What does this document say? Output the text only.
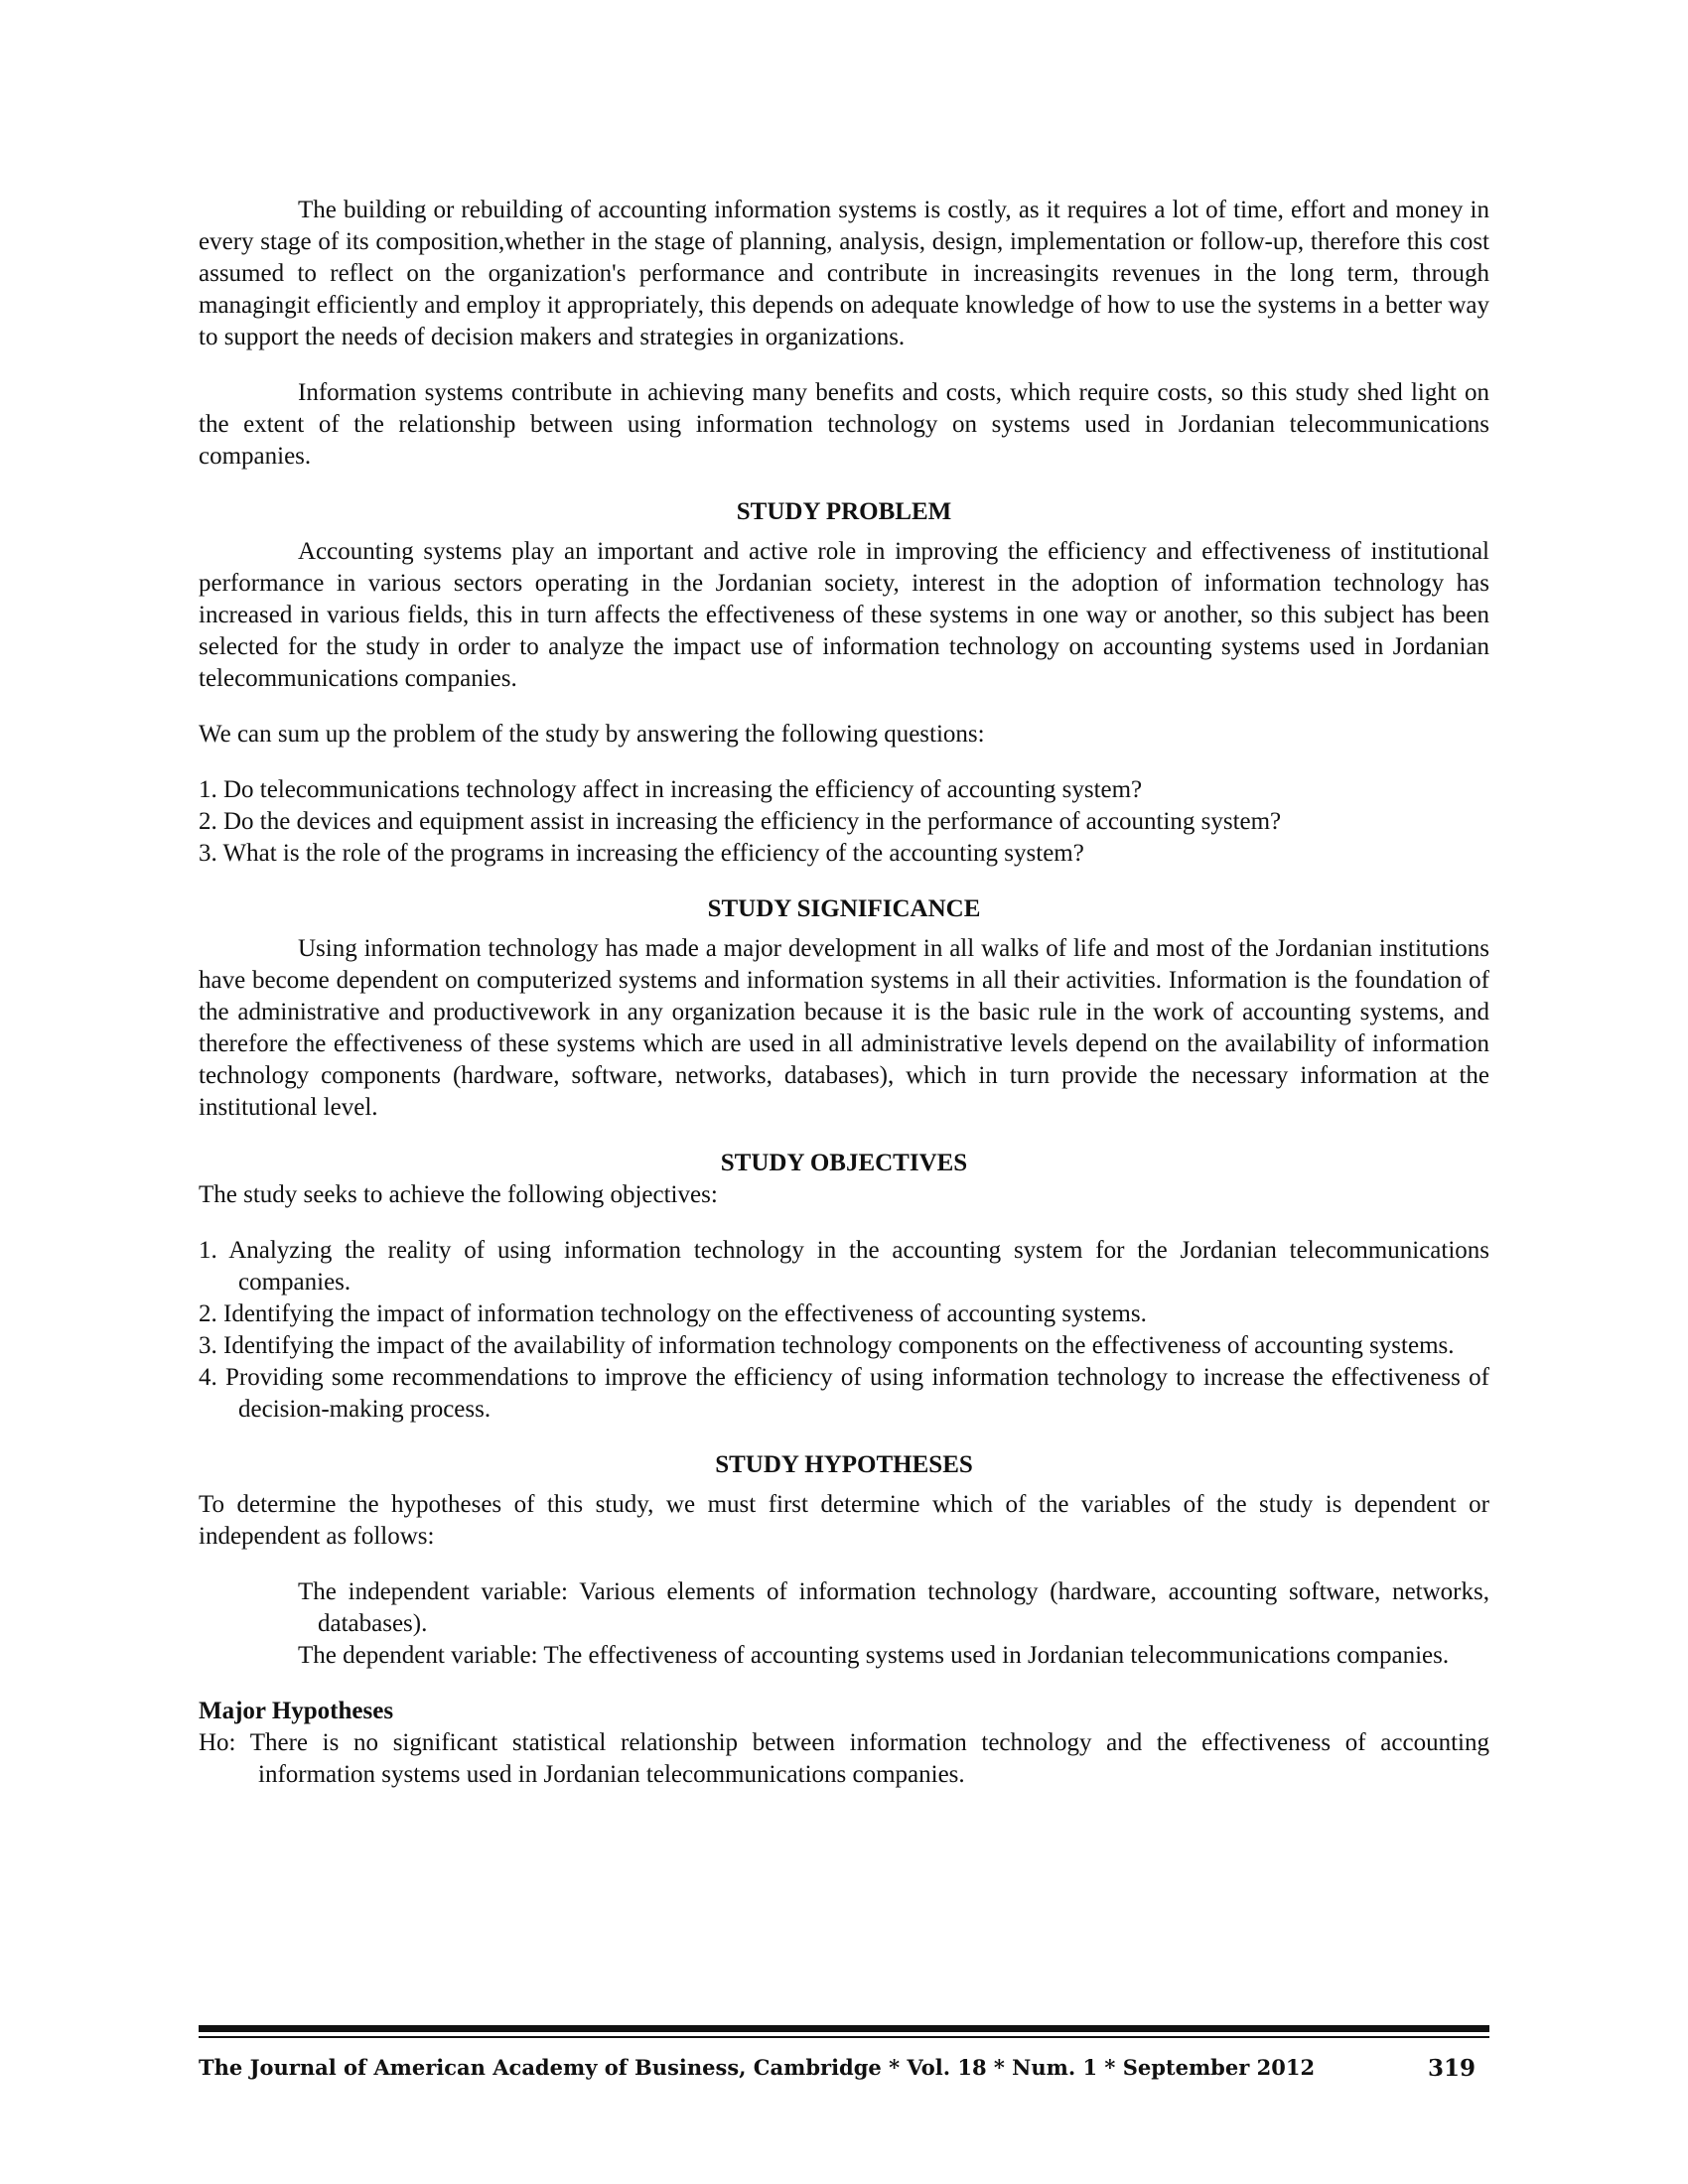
The building or rebuilding of accounting information systems is costly, as it requires a lot of time, effort and money in every stage of its composition,whether in the stage of planning, analysis, design, implementation or follow-up, therefore this cost assumed to reflect on the organization's performance and contribute in increasingits revenues in the long term, through managingit efficiently and employ it appropriately, this depends on adequate knowledge of how to use the systems in a better way to support the needs of decision makers and strategies in organizations.

Information systems contribute in achieving many benefits and costs, which require costs, so this study shed light on the extent of the relationship between using information technology on systems used in Jordanian telecommunications companies.

STUDY PROBLEM

Accounting systems play an important and active role in improving the efficiency and effectiveness of institutional performance in various sectors operating in the Jordanian society, interest in the adoption of information technology has increased in various fields, this in turn affects the effectiveness of these systems in one way or another, so this subject has been selected for the study in order to analyze the impact use of information technology on accounting systems used in Jordanian telecommunications companies.

We can sum up the problem of the study by answering the following questions:

1. Do telecommunications technology affect in increasing the efficiency of accounting system?
2. Do the devices and equipment assist in increasing the efficiency in the performance of accounting system?
3. What is the role of the programs in increasing the efficiency of the accounting system?
STUDY SIGNIFICANCE

Using information technology has made a major development in all walks of life and most of the Jordanian institutions have become dependent on computerized systems and information systems in all their activities. Information is the foundation of the administrative and productivework in any organization because it is the basic rule in the work of accounting systems, and therefore the effectiveness of these systems which are used in all administrative levels depend on the availability of information technology components (hardware, software, networks, databases), which in turn provide the necessary information at the institutional level.

STUDY OBJECTIVES

The study seeks to achieve the following objectives:

1. Analyzing the reality of using information technology in the accounting system for the Jordanian telecommunications companies.
2. Identifying the impact of information technology on the effectiveness of accounting systems.
3. Identifying the impact of the availability of information technology components on the effectiveness of accounting systems.
4. Providing some recommendations to improve the efficiency of using information technology to increase the effectiveness of decision-making process.
STUDY HYPOTHESES

To determine the hypotheses of this study, we must first determine which of the variables of the study is dependent or independent as follows:

The independent variable: Various elements of information technology (hardware, accounting software, networks, databases).
The dependent variable: The effectiveness of accounting systems used in Jordanian telecommunications companies.
Major Hypotheses
Ho: There is no significant statistical relationship between information technology and the effectiveness of accounting information systems used in Jordanian telecommunications companies.
The Journal of American Academy of Business, Cambridge * Vol. 18 * Num. 1 * September 2012	319
